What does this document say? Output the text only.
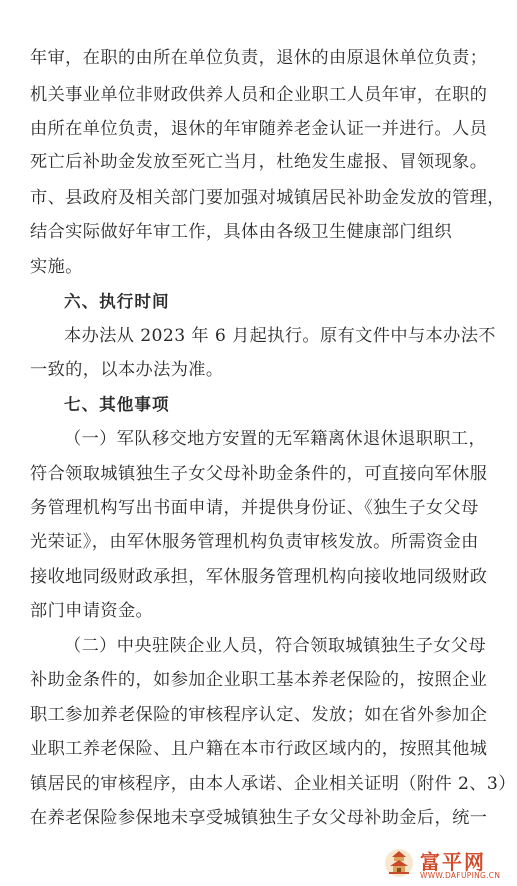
年审，在职的由所在单位负责，退休的由原退休单位负责；
机关事业单位非财政供养人员和企业职工人员年审，在职的
由所在单位负责，退休的年审随养老金认证一并进行。人员
死亡后补助金发放至死亡当月，杜绝发生虚报、冒领现象。
市、县政府及相关部门要加强对城镇居民补助金发放的管理，
结合实际做好年审工作，具体由各级卫生健康部门组织
实施。
六、执行时间
本办法从 2023 年 6 月起执行。原有文件中与本办法不
一致的，以本办法为准。
七、其他事项
（一）军队移交地方安置的无军籍离休退休退职职工，
符合领取城镇独生子女父母补助金条件的，可直接向军休服
务管理机构写出书面申请，并提供身份证、《独生子女父母
光荣证》，由军休服务管理机构负责审核发放。所需资金由
接收地同级财政承担，军休服务管理机构向接收地同级财政
部门申请资金。
（二）中央驻陕企业人员，符合领取城镇独生子女父母
补助金条件的，如参加企业职工基本养老保险的，按照企业
职工参加养老保险的审核程序认定、发放；如在省外参加企
业职工养老保险、且户籍在本市行政区域内的，按照其他城
镇居民的审核程序，由本人承诺、企业相关证明（附件 2、3）
在养老保险参保地未享受城镇独生子女父母补助金后，统一
富平网
WWW.DAFUPING.CN
